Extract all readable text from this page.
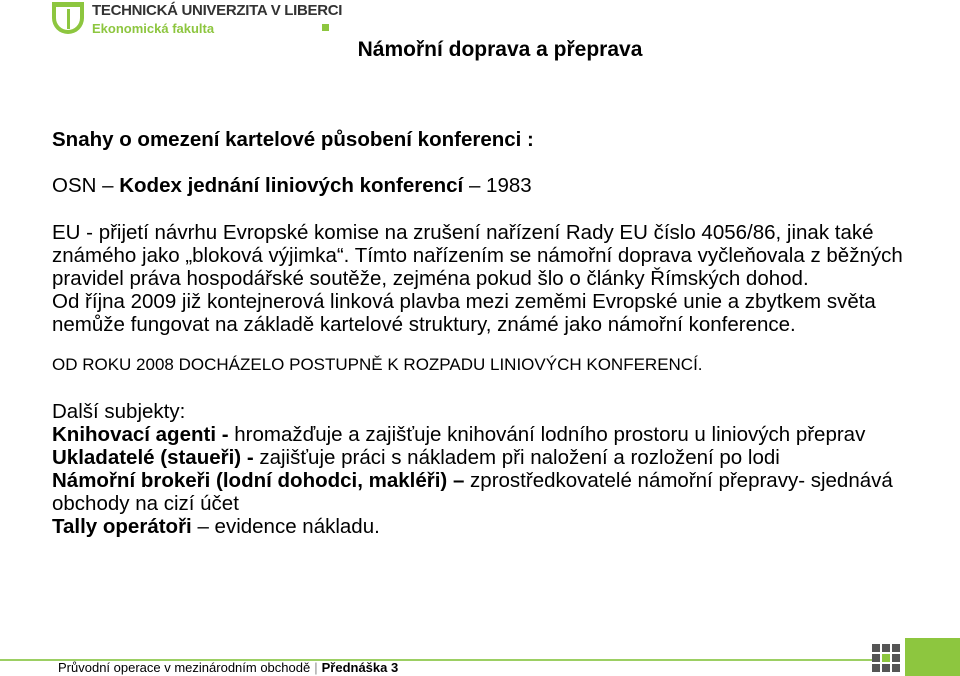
TECHNICKÁ UNIVERZITA V LIBERCI
Ekonomická fakulta
Námořní doprava a přeprava
Snahy o omezení kartelové působení konferenci :
OSN – Kodex jednání liniových konferencí – 1983
EU - přijetí návrhu Evropské komise na zrušení nařízení Rady EU číslo 4056/86, jinak také známého jako „bloková výjimka“. Tímto nařízením se námořní doprava vyčleňovala z běžných pravidel práva hospodářské soutěže, zejména pokud šlo o články Římských dohod.
Od října 2009 již kontejnerová linková plavba mezi zeměmi Evropské unie a zbytkem světa nemůže fungovat na základě kartelové struktury, známé jako námořní konference.
OD ROKU 2008 DOCHÁZELO POSTUPNĚ K ROZPADU LINIOVÝCH KONFERENCÍ.
Další subjekty:
Knihovací agenti - hromažďuje a zajišťuje knihování lodního prostoru u liniových přeprav
Ukladatelé (staueři) - zajišťuje práci s nákladem při naložení a rozložení po lodi
Námořní brokeři (lodní dohodci, makléři) – zprostředkovatelé námořní přepravy- sjednává obchody na cizí účet
Tally operátoři – evidence nákladu.
Průvodní operace v mezinárodním obchodě | Přednáška 3
